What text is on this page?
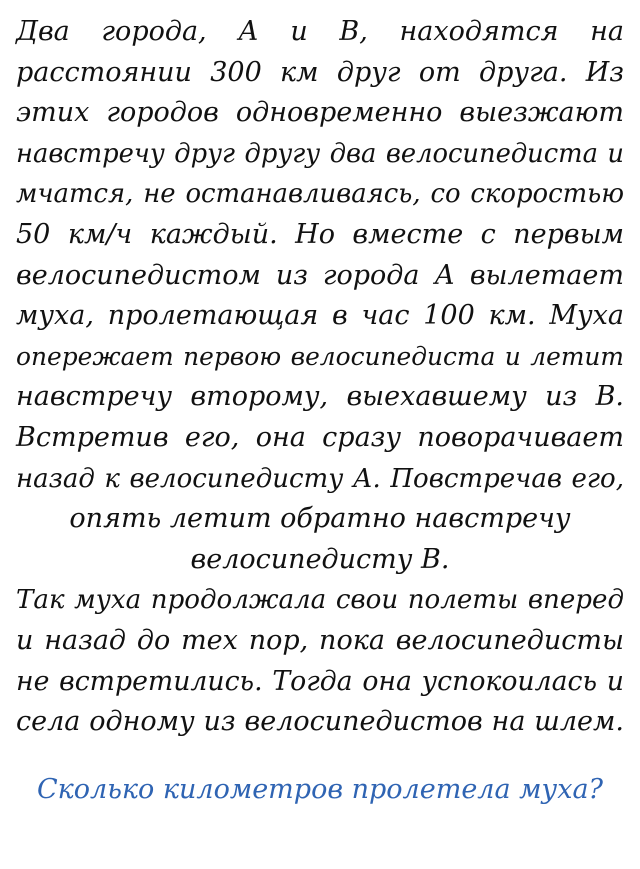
Два города, А и В, находятся на
расстоянии 300 км друг от друга. Из
этих городов одновременно выезжают
навстречу друг другу два велосипедиста и
мчатся, не останавливаясь, со скоростью
50 км/ч каждый. Но вместе с первым
велосипедистом из города А вылетает
муха, пролетающая в час 100 км. Муха
опережает первою велосипедиста и летит
навстречу второму, выехавшему из В.
Встретив его, она сразу поворачивает
назад к велосипедисту А. Повстречав его,
опять летит обратно навстречу
велосипедисту В.
Так муха продолжала свои полеты вперед
и назад до тех пор, пока велосипедисты
не встретились. Тогда она успокоилась и
села одному из велосипедистов на шлем.
Сколько километров пролетела муха?
